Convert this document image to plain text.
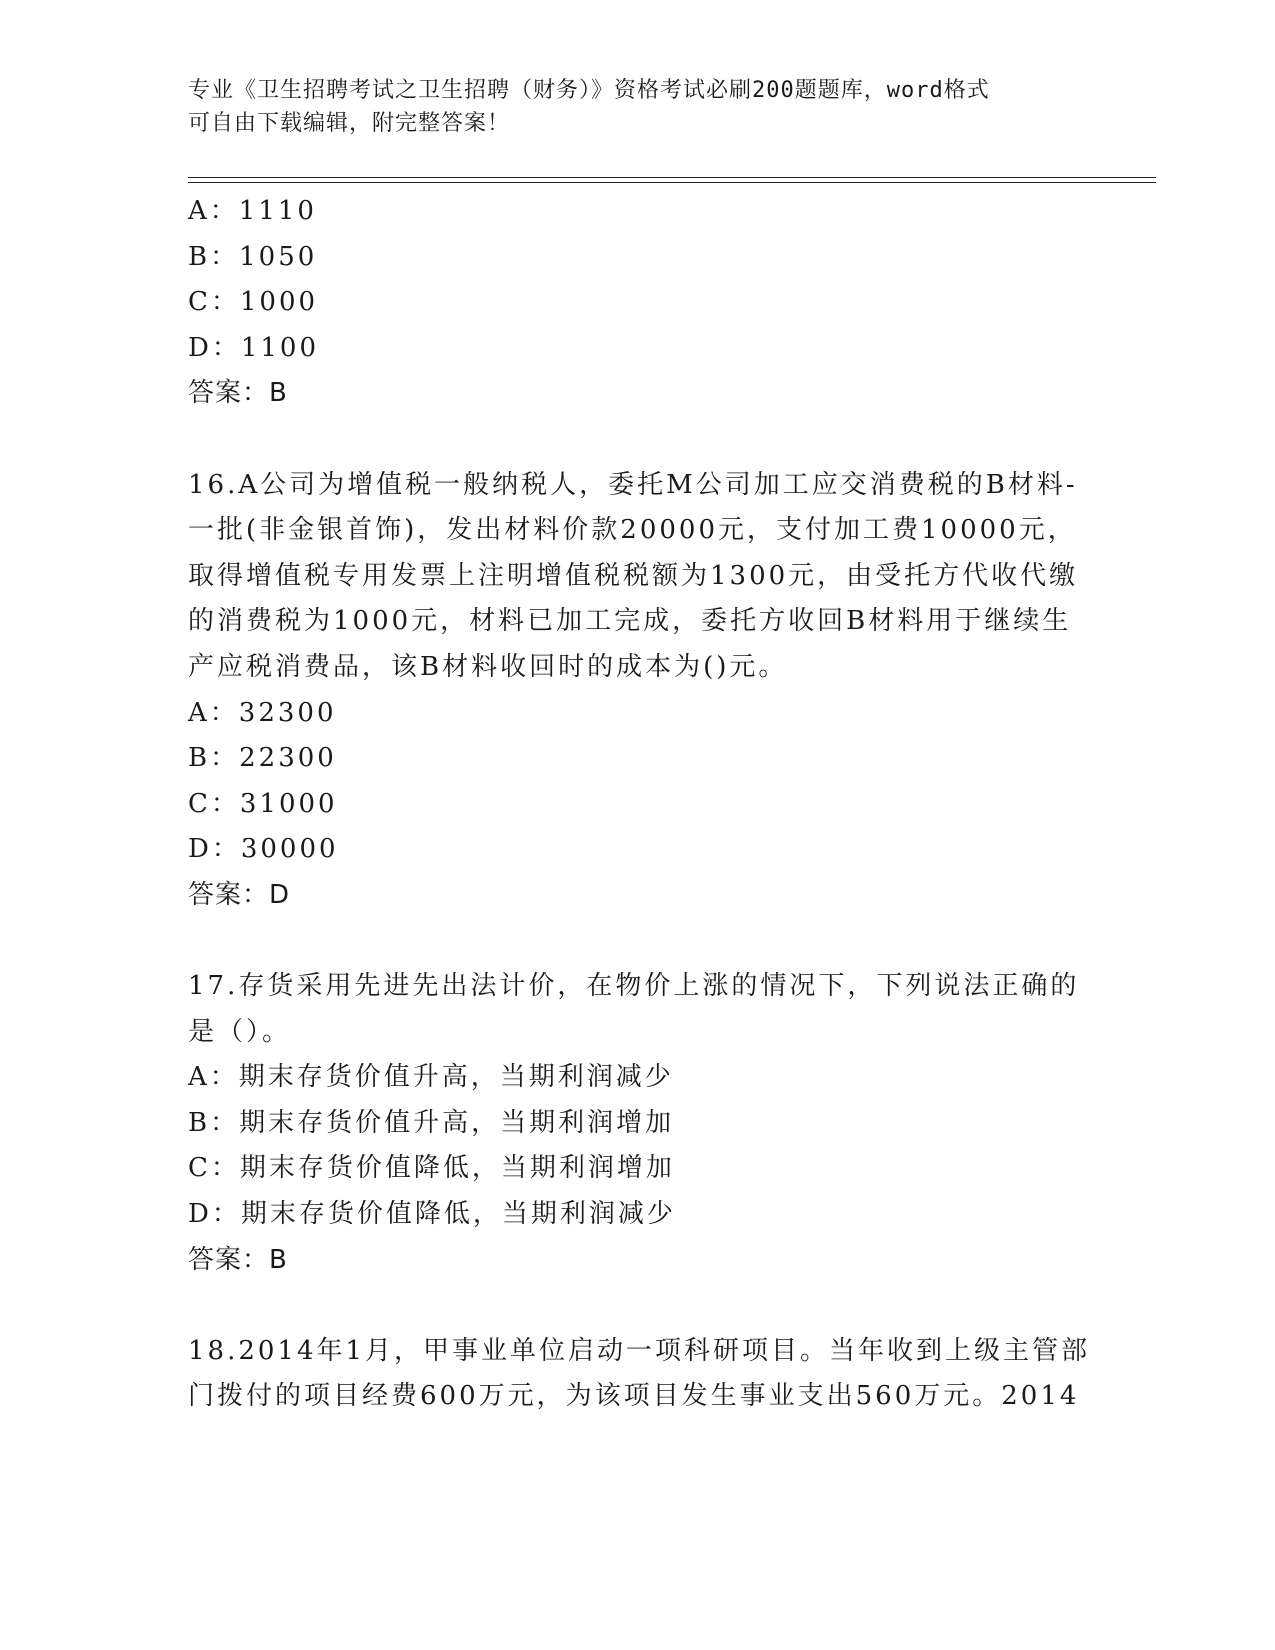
专业《卫生招聘考试之卫生招聘（财务）》资格考试必刷200题题库，word格式
可自由下载编辑，附完整答案！
A：1110
B：1050
C：1000
D：1100
答案：B
16.A公司为增值税一般纳税人，委托M公司加工应交消费税的B材料-
一批(非金银首饰)，发出材料价款20000元，支付加工费10000元，
取得增值税专用发票上注明增值税税额为1300元，由受托方代收代缴
的消费税为1000元，材料已加工完成，委托方收回B材料用于继续生
产应税消费品，该B材料收回时的成本为()元。
A：32300
B：22300
C：31000
D：30000
答案：D
17.存货采用先进先出法计价，在物价上涨的情况下，下列说法正确的
是（）。
A：期末存货价值升高，当期利润减少
B：期末存货价值升高，当期利润增加
C：期末存货价值降低，当期利润增加
D：期末存货价值降低，当期利润减少
答案：B
18.2014年1月，甲事业单位启动一项科研项目。当年收到上级主管部
门拨付的项目经费600万元，为该项目发生事业支出560万元。2014
